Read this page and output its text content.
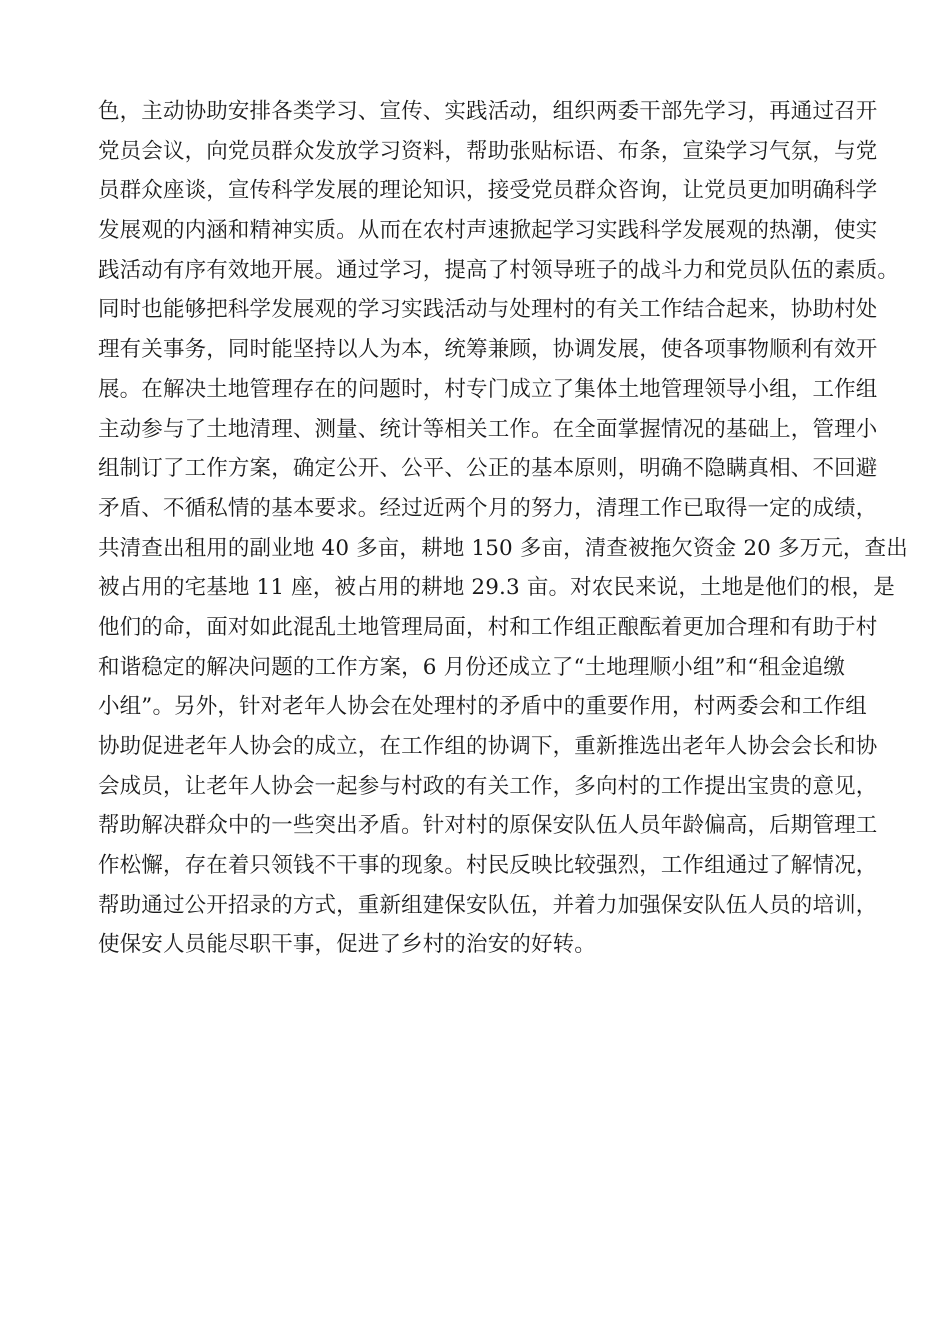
色，主动协助安排各类学习、宣传、实践活动，组织两委干部先学习，再通过召开
党员会议，向党员群众发放学习资料，帮助张贴标语、布条，宣染学习气氛，与党
员群众座谈，宣传科学发展的理论知识，接受党员群众咨询，让党员更加明确科学
发展观的内涵和精神实质。从而在农村声速掀起学习实践科学发展观的热潮，使实
践活动有序有效地开展。通过学习，提高了村领导班子的战斗力和党员队伍的素质。
同时也能够把科学发展观的学习实践活动与处理村的有关工作结合起来，协助村处
理有关事务，同时能坚持以人为本，统筹兼顾，协调发展，使各项事物顺利有效开
展。在解决土地管理存在的问题时，村专门成立了集体土地管理领导小组，工作组
主动参与了土地清理、测量、统计等相关工作。在全面掌握情况的基础上，管理小
组制订了工作方案，确定公开、公平、公正的基本原则，明确不隐瞒真相、不回避
矛盾、不循私情的基本要求。经过近两个月的努力，清理工作已取得一定的成绩，
共清查出租用的副业地 40 多亩，耕地 150 多亩，清查被拖欠资金 20 多万元，查出
被占用的宅基地 11 座，被占用的耕地 29.3 亩。对农民来说，土地是他们的根，是
他们的命，面对如此混乱土地管理局面，村和工作组正酿酝着更加合理和有助于村
和谐稳定的解决问题的工作方案，6 月份还成立了“土地理顺小组”和“租金追缴
小组”。另外，针对老年人协会在处理村的矛盾中的重要作用，村两委会和工作组
协助促进老年人协会的成立，在工作组的协调下，重新推选出老年人协会会长和协
会成员，让老年人协会一起参与村政的有关工作，多向村的工作提出宝贵的意见，
帮助解决群众中的一些突出矛盾。针对村的原保安队伍人员年龄偏高，后期管理工
作松懈，存在着只领钱不干事的现象。村民反映比较强烈，工作组通过了解情况，
帮助通过公开招录的方式，重新组建保安队伍，并着力加强保安队伍人员的培训，
使保安人员能尽职干事，促进了乡村的治安的好转。
